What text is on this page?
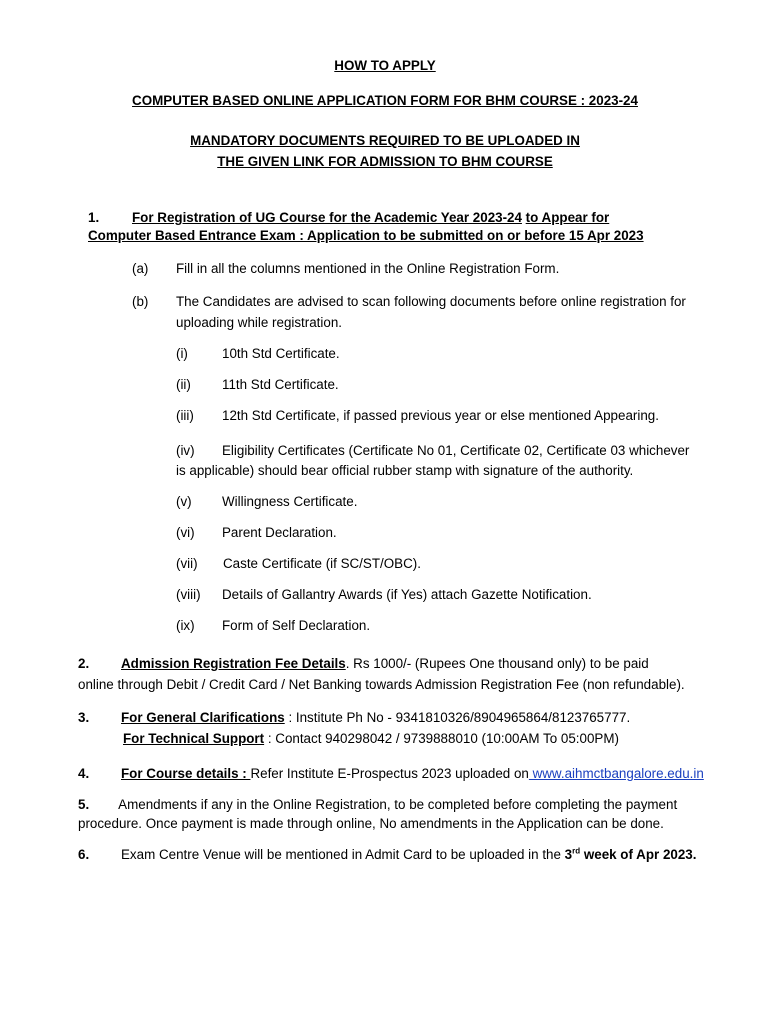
HOW TO APPLY
COMPUTER BASED ONLINE APPLICATION FORM FOR BHM COURSE : 2023-24
MANDATORY DOCUMENTS REQUIRED TO BE UPLOADED IN
THE GIVEN LINK FOR ADMISSION TO BHM COURSE
1. For Registration of UG Course for the Academic Year 2023-24 to Appear for
Computer Based Entrance Exam : Application to be submitted on or before 15 Apr 2023
(a) Fill in all the columns mentioned in the Online Registration Form.
(b) The Candidates are advised to scan following documents before online registration for
uploading while registration.
(i)	10th Std Certificate.
(ii) 11th Std Certificate.
(iii) 12th Std Certificate, if passed previous year or else mentioned Appearing.
(iv) Eligibility Certificates (Certificate No 01, Certificate 02, Certificate 03 whichever
is applicable) should bear official rubber stamp with signature of the authority.
(v) Willingness Certificate.
(vi) Parent Declaration.
(vii) Caste Certificate (if SC/ST/OBC).
(viii) Details of Gallantry Awards (if Yes) attach Gazette Notification.
(ix) Form of Self Declaration.
2. Admission Registration Fee Details. Rs 1000/- (Rupees One thousand only) to be paid
online through Debit / Credit Card / Net Banking towards Admission Registration Fee (non refundable).
3. For General Clarifications : Institute Ph No - 9341810326/8904965864/8123765777.
For Technical Support : Contact 940298042 / 9739888010 (10:00AM To 05:00PM)
4. For Course details : Refer Institute E-Prospectus 2023 uploaded on www.aihmctbangalore.edu.in
5. Amendments if any in the Online Registration, to be completed before completing the payment
procedure. Once payment is made through online, No amendments in the Application can be done.
6. Exam Centre Venue will be mentioned in Admit Card to be uploaded in the 3rd week of Apr 2023.
